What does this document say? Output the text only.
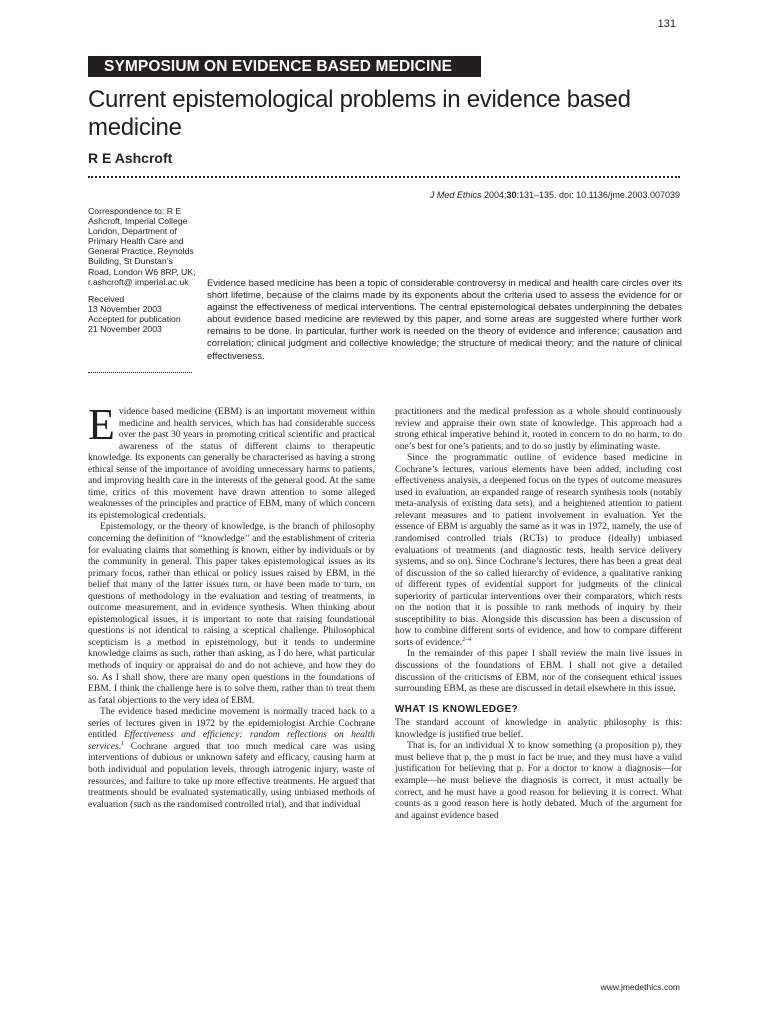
131
SYMPOSIUM ON EVIDENCE BASED MEDICINE
Current epistemological problems in evidence based medicine

R E Ashcroft

J Med Ethics 2004;30:131–135. doi: 10.1136/jme.2003.007039

Correspondence to: R E Ashcroft, Imperial College London, Department of Primary Health Care and General Practice, Reynolds Building, St Dunstan’s Road, London W6 8RP, UK; r.ashcroft@ imperial.ac.uk

Received

13 November 2003

Accepted for publication

21 November 2003

Evidence based medicine has been a topic of considerable controversy in medical and health care circles over its short lifetime, because of the claims made by its exponents about the criteria used to assess the evidence for or against the effectiveness of medical interventions. The central epistemological debates underpinning the debates about evidence based medicine are reviewed by this paper, and some areas are suggested where further work remains to be done. In particular, further work is needed on the theory of evidence and inference; causation and correlation; clinical judgment and collective knowledge; the structure of medical theory; and the nature of clinical effectiveness.

Evidence based medicine (EBM) is an important movement within medicine and health services, which has had considerable success over the past 30 years in promoting critical scientific and practical awareness of the status of different claims to therapeutic knowledge. Its exponents can generally be characterised as having a strong ethical sense of the importance of avoiding unnecessary harms to patients, and improving health care in the interests of the general good. At the same time, critics of this movement have drawn attention to some alleged weaknesses of the principles and practice of EBM, many of which concern its epistemological credentials.

Epistemology, or the theory of knowledge, is the branch of philosophy concerning the definition of ‘‘knowledge’’ and the establishment of criteria for evaluating claims that something is known, either by individuals or by the community in general. This paper takes epistemological issues as its primary focus, rather than ethical or policy issues raised by EBM, in the belief that many of the latter issues turn, or have been made to turn, on questions of methodology in the evaluation and testing of treatments, in outcome measurement, and in evidence synthesis. When thinking about epistemological issues, it is important to note that raising foundational questions is not identical to raising a sceptical challenge. Philosophical scepticism is a method in epistemology, but it tends to undermine knowledge claims as such, rather than asking, as I do here, what particular methods of inquiry or appraisal do and do not achieve, and how they do so. As I shall show, there are many open questions in the foundations of EBM. I think the challenge here is to solve them, rather than to treat them as fatal objections to the very idea of EBM.

The evidence based medicine movement is normally traced back to a series of lectures given in 1972 by the epidemiologist Archie Cochrane entitled Effectiveness and efficiency: random reflections on health services.$^1$ Cochrane argued that too much medical care was using interventions of dubious or unknown safety and efficacy, causing harm at both individual and population levels, through iatrogenic injury, waste of resources, and failure to take up more effective treatments. He argued that treatments should be evaluated systematically, using unbiased methods of evaluation (such as the randomised controlled trial), and that individual

practitioners and the medical profession as a whole should continuously review and appraise their own state of knowledge. This approach had a strong ethical imperative behind it, rooted in concern to do no harm, to do one’s best for one’s patients, and to do so justly by eliminating waste.

Since the programmatic outline of evidence based medicine in Cochrane’s lectures, various elements have been added, including cost effectiveness analysis, a deepened focus on the types of outcome measures used in evaluation, an expanded range of research synthesis tools (notably meta-analysis of existing data sets), and a heightened attention to patient relevant measures and to patient involvement in evaluation. Yet the essence of EBM is arguably the same as it was in 1972, namely, the use of randomised controlled trials (RCTs) to produce (ideally) unbiased evaluations of treatments (and diagnostic tests, health service delivery systems, and so on). Since Cochrane’s lectures, there has been a great deal of discussion of the so called hierarchy of evidence, a qualitative ranking of different types of evidential support for judgments of the clinical superiority of particular interventions over their comparators, which rests on the notion that it is possible to rank methods of inquiry by their susceptibility to bias. Alongside this discussion has been a discussion of how to combine different sorts of evidence, and how to compare different sorts of evidence.$^{2-4}$

In the remainder of this paper I shall review the main live issues in discussions of the foundations of EBM. I shall not give a detailed discussion of the criticisms of EBM, nor of the consequent ethical issues surrounding EBM, as these are discussed in detail elsewhere in this issue.

WHAT IS KNOWLEDGE?

The standard account of knowledge in analytic philosophy is this: knowledge is justified true belief.

That is, for an individual X to know something (a proposition p), they must believe that p, the p must in fact be true, and they must have a valid justification for believing that p. For a doctor to know a diagnosis—for example—he must believe the diagnosis is correct, it must actually be correct, and he must have a good reason for believing it is correct. What counts as a good reason here is hotly debated. Much of the argument for and against evidence based

www.jmedethics.com
